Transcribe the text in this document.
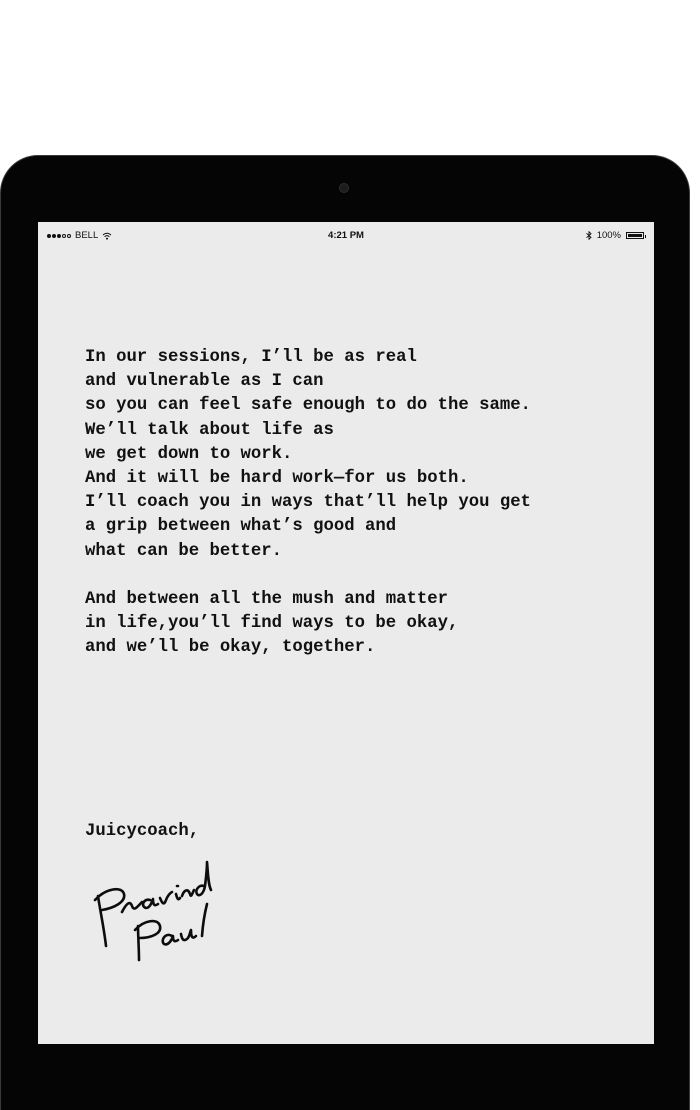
BELL	4:21 PM	100%

In our sessions, I’ll be as real

and vulnerable as I can

so you can feel safe enough to do the same.

We’ll talk about life as

we get down to work.

And it will be hard work—for us both.

I’ll coach you in ways that’ll help you get

a grip between what’s good and

what can be better.

And between all the mush and matter

in life,you’ll find ways to be okay,

and we’ll be okay, together.

Juicycoach,
